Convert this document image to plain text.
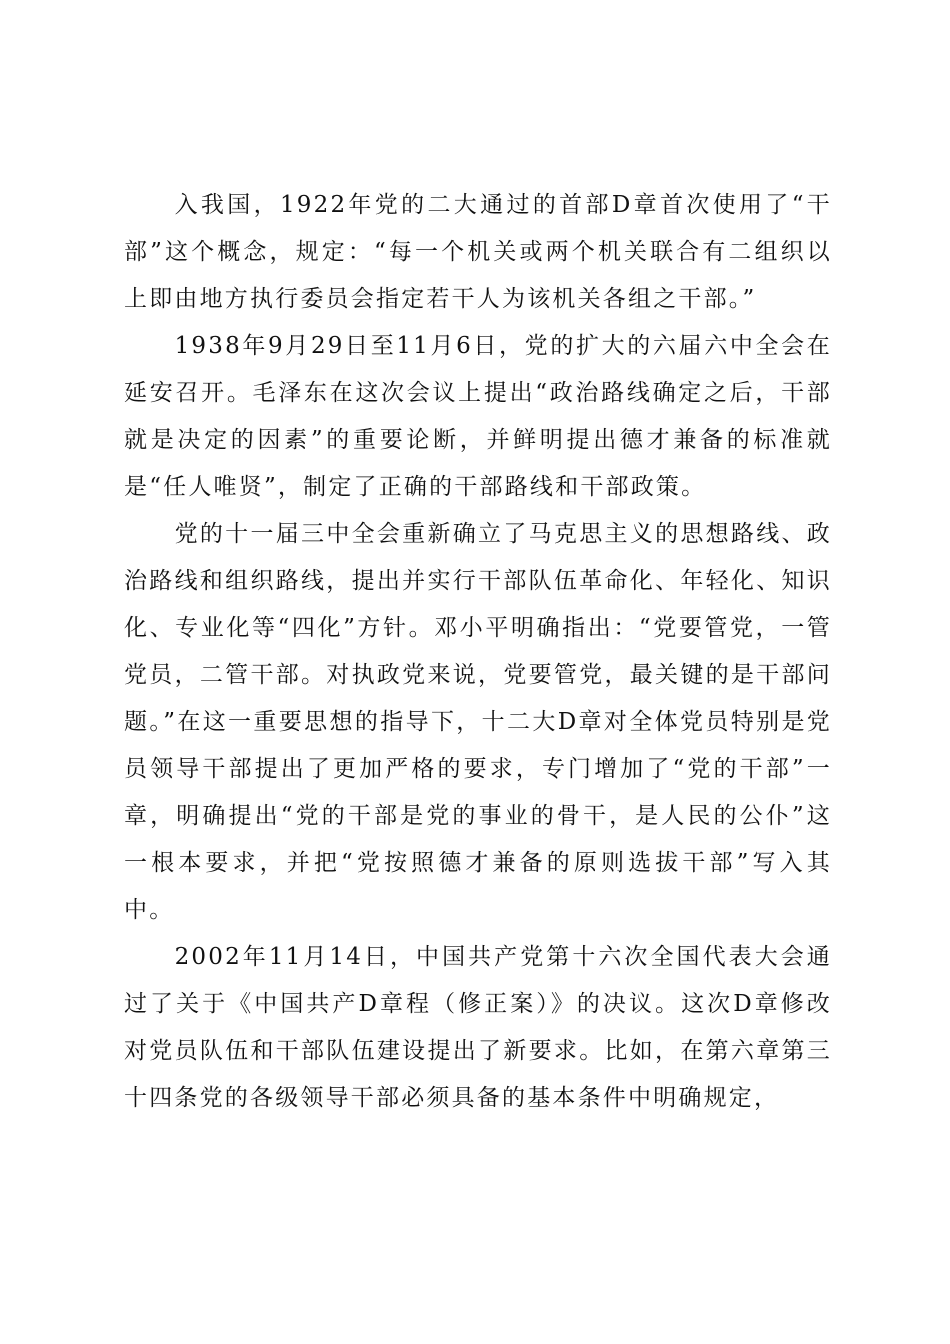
入我国，1922年党的二大通过的首部D章首次使用了“干部”这个概念，规定：“每一个机关或两个机关联合有二组织以上即由地方执行委员会指定若干人为该机关各组之干部。”

1938年9月29日至11月6日，党的扩大的六届六中全会在延安召开。毛泽东在这次会议上提出“政治路线确定之后，干部就是决定的因素”的重要论断，并鲜明提出德才兼备的标准就是“任人唯贤”，制定了正确的干部路线和干部政策。

党的十一届三中全会重新确立了马克思主义的思想路线、政治路线和组织路线，提出并实行干部队伍革命化、年轻化、知识化、专业化等“四化”方针。邓小平明确指出：“党要管党，一管党员，二管干部。对执政党来说，党要管党，最关键的是干部问题。”在这一重要思想的指导下，十二大D章对全体党员特别是党员领导干部提出了更加严格的要求，专门增加了“党的干部”一章，明确提出“党的干部是党的事业的骨干，是人民的公仆”这一根本要求，并把“党按照德才兼备的原则选拔干部”写入其中。

2002年11月14日，中国共产党第十六次全国代表大会通过了关于《中国共产D章程（修正案）》的决议。这次D章修改对党员队伍和干部队伍建设提出了新要求。比如，在第六章第三十四条党的各级领导干部必须具备的基本条件中明确规定，
